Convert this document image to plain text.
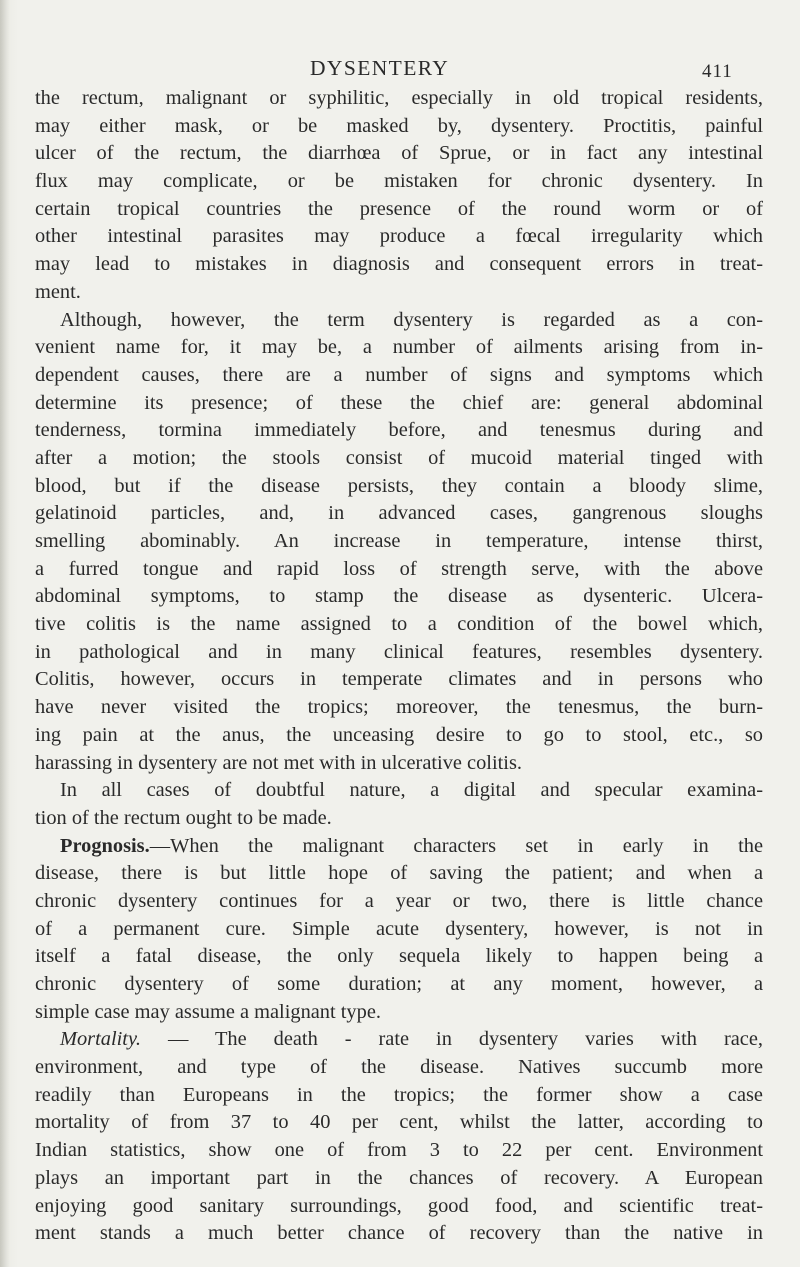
DYSENTERY	411
the rectum, malignant or syphilitic, especially in old tropical residents,
may either mask, or be masked by, dysentery. Proctitis, painful
ulcer of the rectum, the diarrhœa of Sprue, or in fact any intestinal
flux may complicate, or be mistaken for chronic dysentery. In
certain tropical countries the presence of the round worm or of
other intestinal parasites may produce a fœcal irregularity which
may lead to mistakes in diagnosis and consequent errors in treat-
ment.
Although, however, the term dysentery is regarded as a con-
venient name for, it may be, a number of ailments arising from in-
dependent causes, there are a number of signs and symptoms which
determine its presence; of these the chief are: general abdominal
tenderness, tormina immediately before, and tenesmus during and
after a motion; the stools consist of mucoid material tinged with
blood, but if the disease persists, they contain a bloody slime,
gelatinoid particles, and, in advanced cases, gangrenous sloughs
smelling abominably. An increase in temperature, intense thirst,
a furred tongue and rapid loss of strength serve, with the above
abdominal symptoms, to stamp the disease as dysenteric. Ulcera-
tive colitis is the name assigned to a condition of the bowel which,
in pathological and in many clinical features, resembles dysentery.
Colitis, however, occurs in temperate climates and in persons who
have never visited the tropics; moreover, the tenesmus, the burn-
ing pain at the anus, the unceasing desire to go to stool, etc., so
harassing in dysentery are not met with in ulcerative colitis.
In all cases of doubtful nature, a digital and specular examina-
tion of the rectum ought to be made.
Prognosis.—When the malignant characters set in early in the
disease, there is but little hope of saving the patient; and when a
chronic dysentery continues for a year or two, there is little chance
of a permanent cure. Simple acute dysentery, however, is not in
itself a fatal disease, the only sequela likely to happen being a
chronic dysentery of some duration; at any moment, however, a
simple case may assume a malignant type.
Mortality. — The death - rate in dysentery varies with race,
environment, and type of the disease. Natives succumb more
readily than Europeans in the tropics; the former show a case
mortality of from 37 to 40 per cent, whilst the latter, according to
Indian statistics, show one of from 3 to 22 per cent. Environment
plays an important part in the chances of recovery. A European
enjoying good sanitary surroundings, good food, and scientific treat-
ment stands a much better chance of recovery than the native in
